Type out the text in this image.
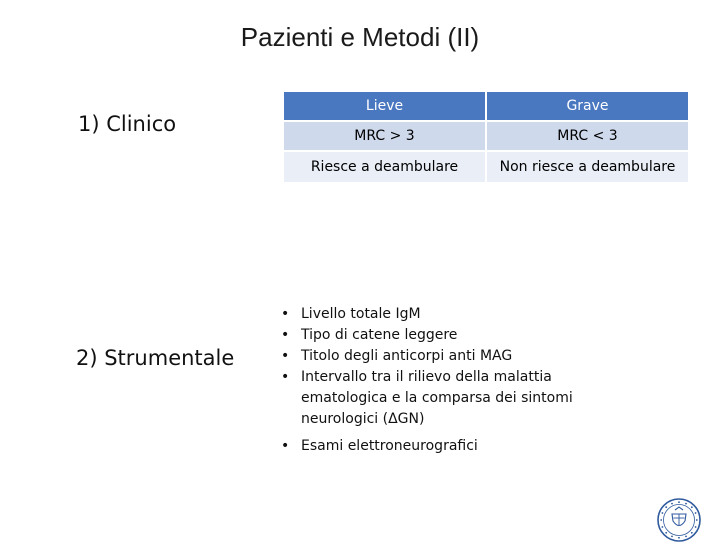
Pazienti e Metodi (II)
1) Clinico
2) Strumentale
Lieve	Grave
MRC > 3	MRC < 3
Riesce a deambulare	Non riesce a deambulare
• Livello totale IgM
• Tipo di catene leggere
• Titolo degli anticorpi anti MAG
• Intervallo tra il rilievo della malattia ematologica e la comparsa dei sintomi neurologici (ΔGN)
• Esami elettroneurografici
